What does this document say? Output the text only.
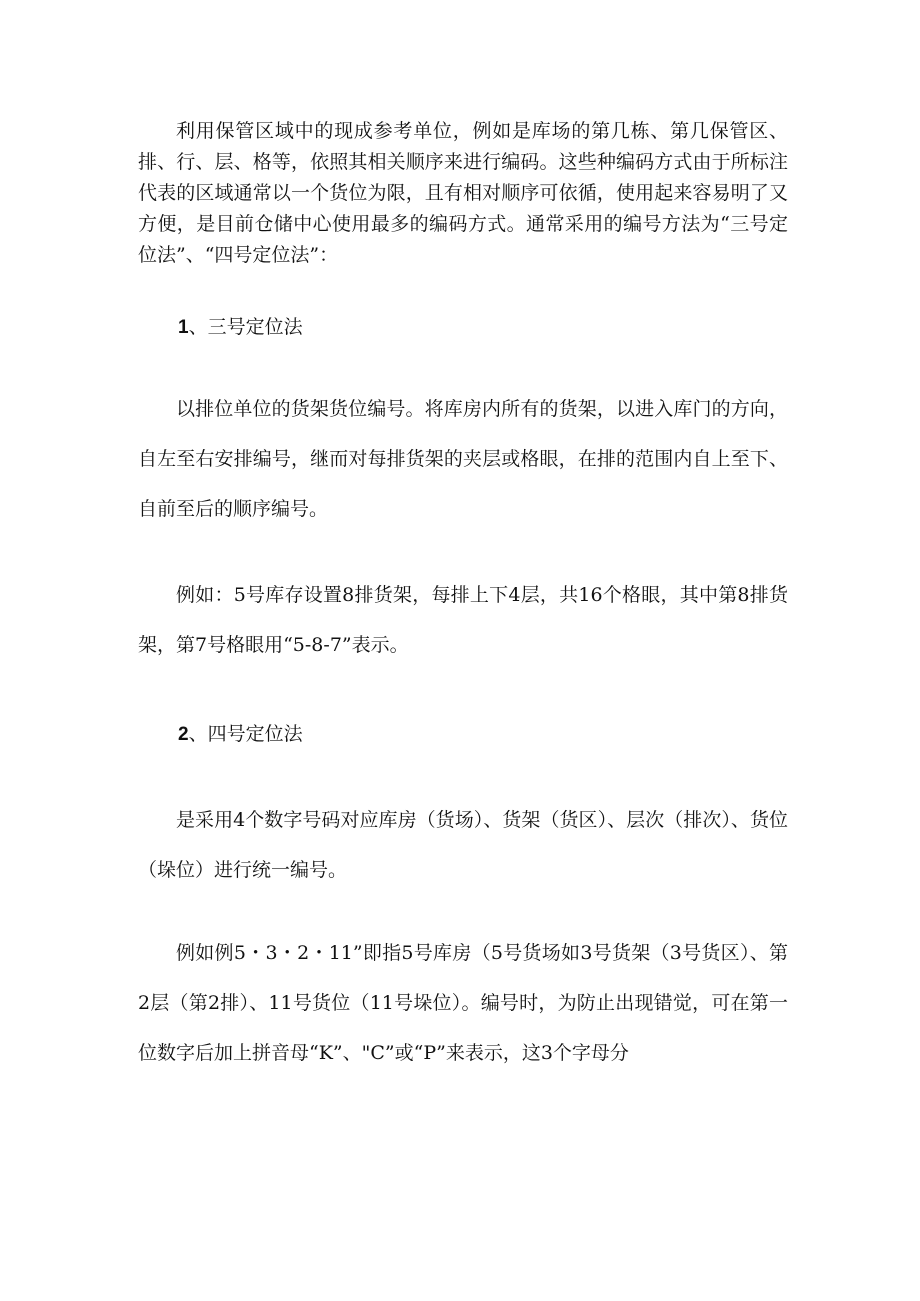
利用保管区域中的现成参考单位，例如是库场的第几栋、第几保管区、排、行、层、格等，依照其相关顺序来进行编码。这些种编码方式由于所标注代表的区域通常以一个货位为限，且有相对顺序可依循，使用起来容易明了又方便，是目前仓储中心使用最多的编码方式。通常采用的编号方法为“三号定位法”、“四号定位法”：

1、三号定位法

以排位单位的货架货位编号。将库房内所有的货架，以进入库门的方向，自左至右安排编号，继而对每排货架的夹层或格眼，在排的范围内自上至下、自前至后的顺序编号。

例如：5号库存设置8排货架，每排上下4层，共16个格眼，其中第8排货架，第7号格眼用“5-8-7”表示。

2、四号定位法

是采用4个数字号码对应库房（货场）、货架（货区）、层次（排次）、货位（垛位）进行统一编号。

例如例5・3・2・11”即指5号库房（5号货场如3号货架（3号货区）、第2层（第2排）、11号货位（11号垛位）。编号时，为防止出现错觉，可在第一位数字后加上拼音母“K”、"C”或“P”来表示，这3个字母分
